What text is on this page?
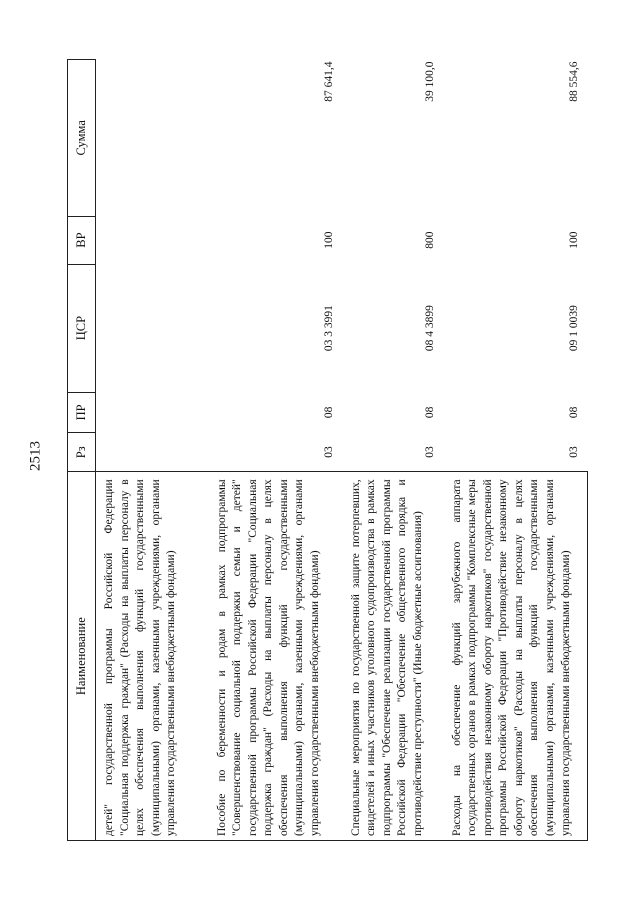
2513
Наименование	Рз	ПР	ЦСР	ВР	Сумма
детей" государственной программы Российской Федерации "Социальная поддержка граждан" (Расходы на выплаты персоналу в целях обеспечения выполнения функций государственными (муниципальными) органами, казенными учреждениями, органами управления государственными внебюджетными фондами)					
Пособие по беременности и родам в рамках подпрограммы "Совершенствование социальной поддержки семьи и детей" государственной программы Российской Федерации "Социальная поддержка граждан" (Расходы на выплаты персоналу в целях обеспечения выполнения функций государственными (муниципальными) органами, казенными учреждениями, органами управления государственными внебюджетными фондами)	03	08	03 3 3991	100	87 641,4
Специальные мероприятия по государственной защите потерпевших, свидетелей и иных участников уголовного судопроизводства в рамках подпрограммы "Обеспечение реализации государственной программы Российской Федерации "Обеспечение общественного порядка и противодействие преступности" (Иные бюджетные ассигнования)	03	08	08 4 3899	800	39 100,0
Расходы на обеспечение функций зарубежного аппарата государственных органов в рамках подпрограммы "Комплексные меры противодействия незаконному обороту наркотиков" государственной программы Российской Федерации "Противодействие незаконному обороту наркотиков" (Расходы на выплаты персоналу в целях обеспечения выполнения функций государственными (муниципальными) органами, казенными учреждениями, органами управления государственными внебюджетными фондами)	03	08	09 1 0039	100	88 554,6
